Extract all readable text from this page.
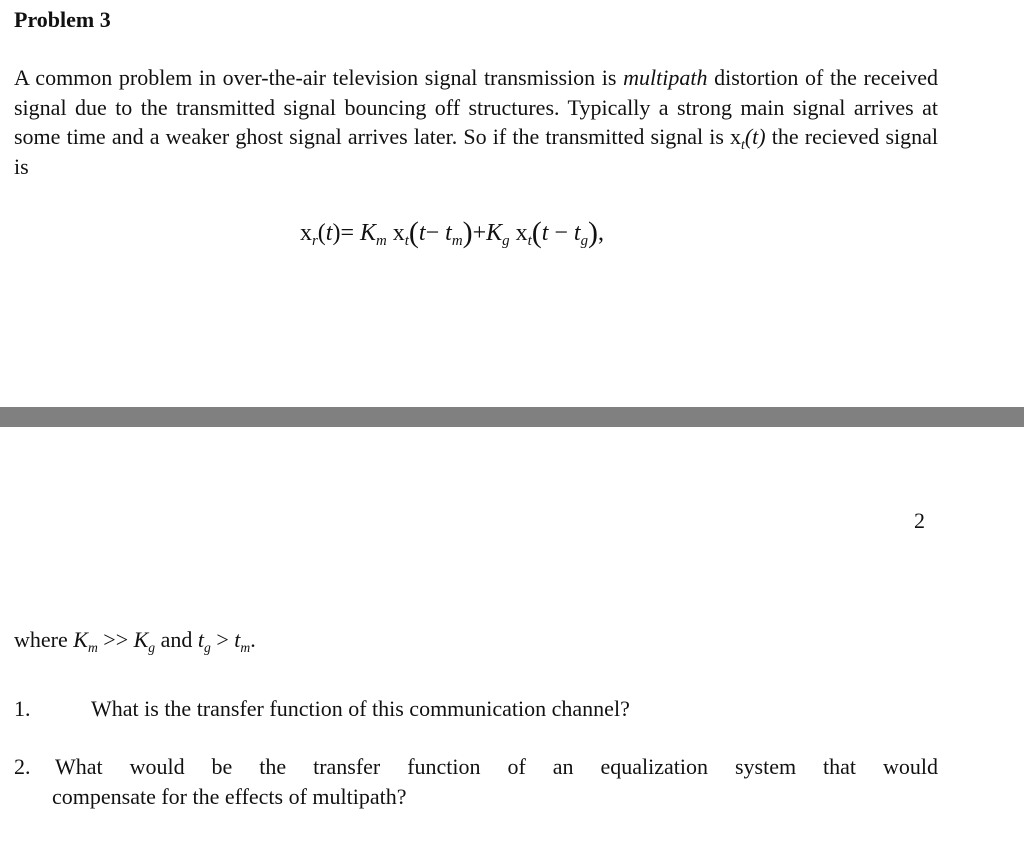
Problem 3
A common problem in over-the-air television signal transmission is multipath distortion of the received signal due to the transmitted signal bouncing off structures. Typically a strong main signal arrives at some time and a weaker ghost signal arrives later. So if the transmitted signal is $x_t(t)$ the recieved signal is
$x_r(t)= K_m$ $x_t(t- t_m)+K_g$ $x_t(t - t_g)$,
2
where $K_m >> K_g$ and $t_g > t_m$.
1.	What is the transfer function of this communication channel?
2.	What would be the transfer function of an equalization system that would
compensate for the effects of multipath?
